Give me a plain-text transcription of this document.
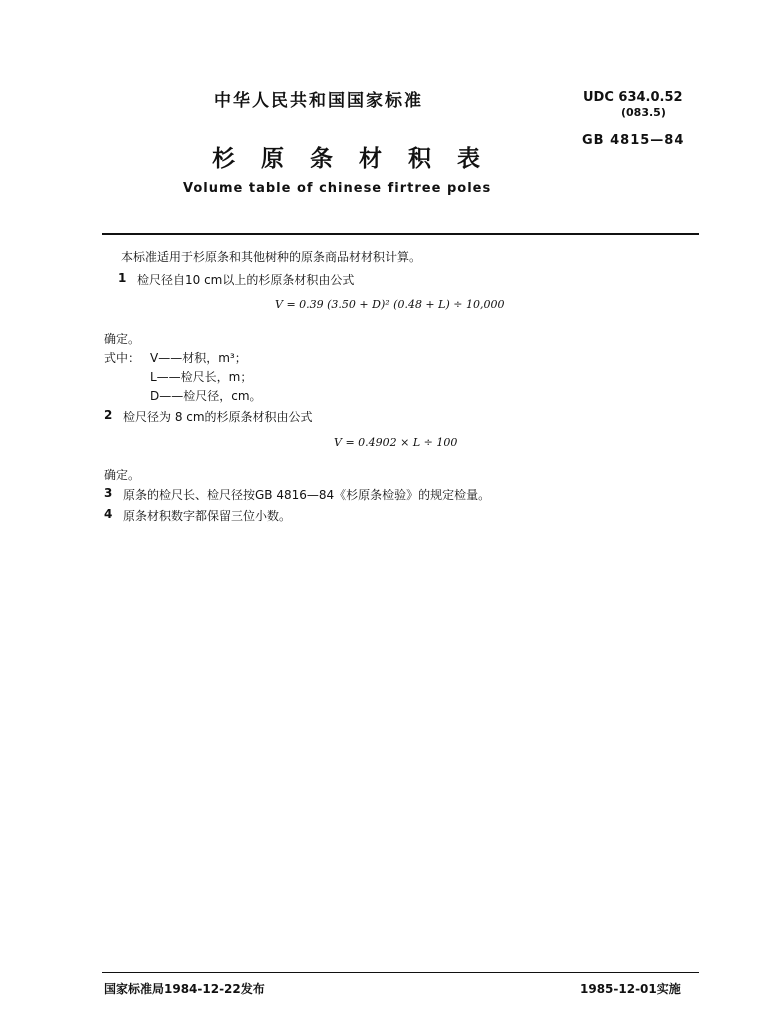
中华人民共和国国家标准	UDC 634.0.52
(083.5)
GB 4815—84
杉 原 条 材 积 表
Volume table of chinese firtree poles
本标准适用于杉原条和其他树种的原条商品材材积计算。
1 检尺径自10 cm以上的杉原条材积由公式
V = 0.39 (3.50 + D)² (0.48 + L) ÷ 10,000
确定。
式中： V——材积，m³；
L——检尺长，m；
D——检尺径，cm。
2 检尺径为 8 cm的杉原条材积由公式
V = 0.4902 × L ÷ 100
确定。
3 原条的检尺长、检尺径按GB 4816—84《杉原条检验》的规定检量。
4 原条材积数字都保留三位小数。
国家标准局1984-12-22发布	1985-12-01实施
